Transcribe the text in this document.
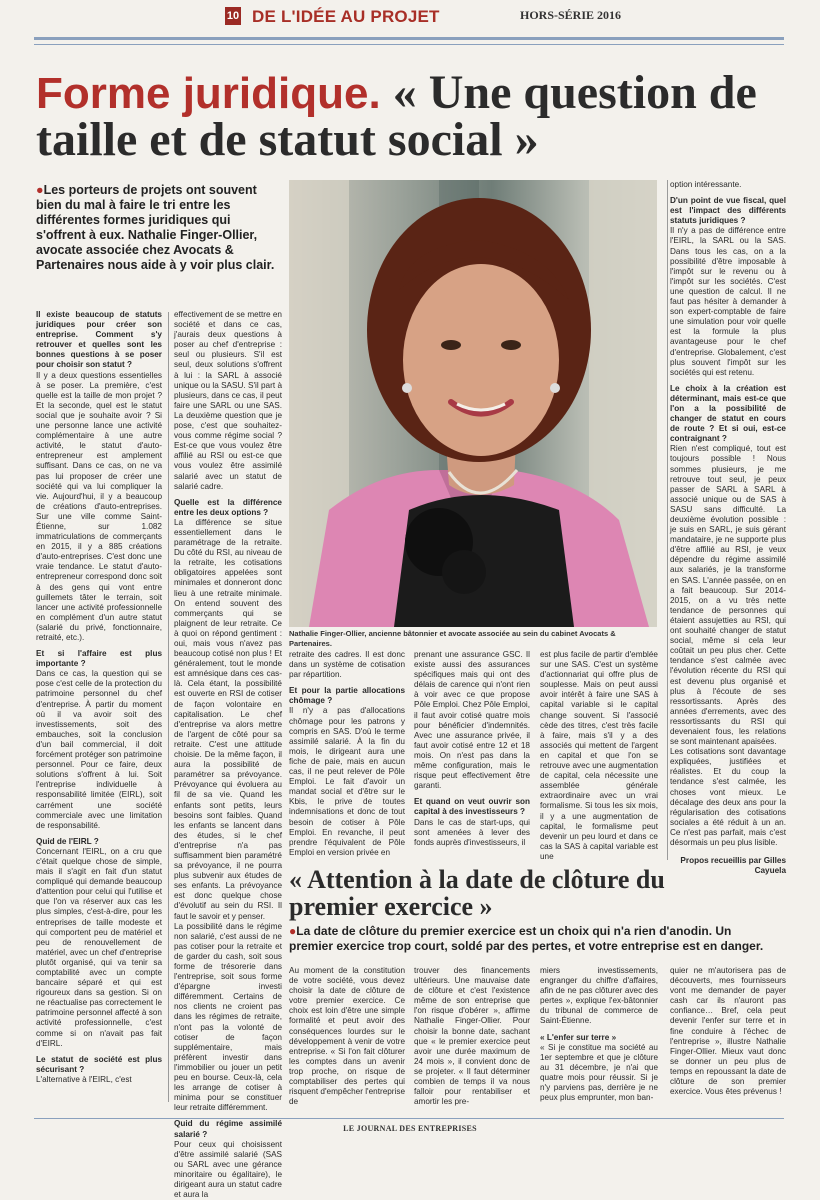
10 DE L'IDÉE AU PROJET	HORS-SÉRIE 2016
Forme juridique. « Une question de taille et de statut social »
●Les porteurs de projets ont souvent bien du mal à faire le tri entre les différentes formes juridiques qui s'offrent à eux. Nathalie Finger-Ollier, avocate associée chez Avocats & Partenaires nous aide à y voir plus clair.
Nathalie Finger-Ollier, ancienne bâtonnier et avocate associée au sein du cabinet Avocats & Partenaires.

Il existe beaucoup de statuts juridiques pour créer son entreprise. Comment s'y retrouver et quelles sont les bonnes questions à se poser pour choisir son statut ?

Il y a deux questions essentielles à se poser. La première, c'est quelle est la taille de mon projet ? Et la seconde, quel est le statut social que je souhaite avoir ? Si une personne lance une activité complémentaire à une autre activité, le statut d'auto-entrepreneur est amplement suffisant. Dans ce cas, on ne va pas lui proposer de créer une société qui va lui compliquer la vie. Aujourd'hui, il y a beaucoup de créations d'auto-entreprises. Sur une ville comme Saint-Étienne, sur 1.082 immatriculations de commerçants en 2015, il y a 885 créations d'auto-entreprises. C'est donc une vraie tendance. Le statut d'auto-entrepreneur correspond donc soit à des gens qui vont entre guillemets tâter le terrain, soit lancer une activité professionnelle en complément d'un autre statut (salarié du privé, fonctionnaire, retraité, etc.).

Et si l'affaire est plus importante ?

Dans ce cas, la question qui se pose c'est celle de la protection du patrimoine personnel du chef d'entreprise. À partir du moment où il va avoir soit des investissements, soit des embauches, soit la conclusion d'un bail commercial, il doit forcément protéger son patrimoine personnel. Pour ce faire, deux solutions s'offrent à lui. Soit l'entreprise individuelle à responsabilité limitée (EIRL), soit carrément une société commerciale avec une limitation de responsabilité.

Quid de l'EIRL ?

Concernant l'EIRL, on a cru que c'était quelque chose de simple, mais il s'agit en fait d'un statut compliqué qui demande beaucoup d'attention pour celui qui l'utilise et que l'on va réserver aux cas les plus simples, c'est-à-dire, pour les entreprises de taille modeste et qui comportent peu de matériel et peu de renouvellement de matériel, avec un chef d'entreprise plutôt organisé, qui va tenir sa comptabilité avec un compte bancaire séparé et qui est rigoureux dans sa gestion. Si on ne réactualise pas correctement le patrimoine personnel affecté à son activité professionnelle, c'est comme si on n'avait pas fait d'EIRL.

Le statut de société est plus sécurisant ?

L'alternative à l'EIRL, c'est

effectivement de se mettre en société et dans ce cas, j'aurais deux questions à poser au chef d'entreprise : seul ou plusieurs. S'il est seul, deux solutions s'offrent à lui : la SARL à associé unique ou la SASU. S'il part à plusieurs, dans ce cas, il peut faire une SARL ou une SAS. La deuxième question que je pose, c'est que souhaitez-vous comme régime social ? Est-ce que vous voulez être affilié au RSI ou est-ce que vous voulez être assimilé salarié avec un statut de salarié cadre.

Quelle est la différence entre les deux options ?

La différence se situe essentiellement dans le paramétrage de la retraite. Du côté du RSI, au niveau de la retraite, les cotisations obligatoires appelées sont minimales et donneront donc lieu à une retraite minimale. On entend souvent des commerçants qui se plaignent de leur retraite. Ce à quoi on répond gentiment : oui, mais vous n'avez pas beaucoup cotisé non plus ! Et généralement, tout le monde est amnésique dans ces cas-là. Cela étant, la possibilité est ouverte en RSI de cotiser de façon volontaire en capitalisation. Le chef d'entreprise va alors mettre de l'argent de côté pour sa retraite. C'est une attitude choisie. De la même façon, il aura la possibilité de paramétrer sa prévoyance. Prévoyance qui évoluera au fil de sa vie. Quand les enfants sont petits, leurs besoins sont faibles. Quand les enfants se lancent dans des études, si le chef d'entreprise n'a pas suffisamment bien paramétré sa prévoyance, il ne pourra plus subvenir aux études de ses enfants. La prévoyance est donc quelque chose d'évolutif au sein du RSI. Il faut le savoir et y penser.

La possibilité dans le régime non salarié, c'est aussi de ne pas cotiser pour la retraite et de garder du cash, soit sous forme de trésorerie dans l'entreprise, soit sous forme d'épargne investi différemment. Certains de nos clients ne croient pas dans les régimes de retraite, n'ont pas la volonté de cotiser de façon supplémentaire, mais préfèrent investir dans l'immobilier ou jouer un petit peu en bourse. Ceux-là, cela les arrange de cotiser à minima pour se constituer leur retraite différemment.

Quid du régime assimilé salarié ?

Pour ceux qui choisissent d'être assimilé salarié (SAS ou SARL avec une gérance minoritaire ou égalitaire), le dirigeant aura un statut cadre et aura la

retraite des cadres. Il est donc dans un système de cotisation par répartition.

Et pour la partie allocations chômage ?

Il n'y a pas d'allocations chômage pour les patrons y compris en SAS. D'où le terme assimilé salarié. À la fin du mois, le dirigeant aura une fiche de paie, mais en aucun cas, il ne peut relever de Pôle Emploi. Le fait d'avoir un mandat social et d'être sur le Kbis, le prive de toutes indemnisations et donc de tout besoin de cotiser à Pôle Emploi. En revanche, il peut prendre l'équivalent de Pôle Emploi en version privée en

prenant une assurance GSC. Il existe aussi des assurances spécifiques mais qui ont des délais de carence qui n'ont rien à voir avec ce que propose Pôle Emploi. Chez Pôle Emploi, il faut avoir cotisé quatre mois pour bénéficier d'indemnités. Avec une assurance privée, il faut avoir cotisé entre 12 et 18 mois. On n'est pas dans la même configuration, mais le risque peut effectivement être garanti.

Et quand on veut ouvrir son capital à des investisseurs ?

Dans le cas de start-ups, qui sont amenées à lever des fonds auprès d'investisseurs, il

est plus facile de partir d'emblée sur une SAS. C'est un système d'actionnariat qui offre plus de souplesse. Mais on peut aussi avoir intérêt à faire une SAS à capital variable si le capital change souvent. Si l'associé cède des titres, c'est très facile à faire, mais s'il y a des associés qui mettent de l'argent en capital et que l'on se retrouve avec une augmentation de capital, cela nécessite une assemblée générale extraordinaire avec un vrai formalisme. Si tous les six mois, il y a une augmentation de capital, le formalisme peut devenir un peu lourd et dans ce cas la SAS à capital variable est une

option intéressante.

D'un point de vue fiscal, quel est l'impact des différents statuts juridiques ?

Il n'y a pas de différence entre l'EIRL, la SARL ou la SAS. Dans tous les cas, on a la possibilité d'être imposable à l'impôt sur le revenu ou à l'impôt sur les sociétés. C'est une question de calcul. Il ne faut pas hésiter à demander à son expert-comptable de faire une simulation pour voir quelle est la formule la plus avantageuse pour le chef d'entreprise. Globalement, c'est plus souvent l'impôt sur les sociétés qui est retenu.

Le choix à la création est déterminant, mais est-ce que l'on a la possibilité de changer de statut en cours de route ? Et si oui, est-ce contraignant ?

Rien n'est compliqué, tout est toujours possible ! Nous sommes plusieurs, je me retrouve tout seul, je peux passer de SARL à SARL à associé unique ou de SAS à SASU sans difficulté. La deuxième évolution possible : je suis en SARL, je suis gérant mandataire, je ne supporte plus d'être affilié au RSI, je veux dépendre du régime assimilé aux salariés, je la transforme en SAS. L'année passée, on en a fait beaucoup. Sur 2014-2015, on a vu très nette tendance de personnes qui étaient assujetties au RSI, qui ont souhaité changer de statut social, même si cela leur coûtait un peu plus cher. Cette tendance s'est calmée avec l'évolution récente du RSI qui est devenu plus organisé et plus à l'écoute de ses ressortissants. Après des années d'errements, avec des ressortissants du RSI qui devenaient fous, les relations se sont maintenant apaisées.

Les cotisations sont davantage expliquées, justifiées et réalistes. Et du coup la tendance s'est calmée, les choses vont mieux. Le décalage des deux ans pour la régularisation des cotisations sociales a été réduit à un an. Ce n'est pas parfait, mais c'est désormais un peu plus lisible.

Propos recueillis par Gilles Cayuela

« Attention à la date de clôture du premier exercice »
●La date de clôture du premier exercice est un choix qui n'a rien d'anodin. Un premier exercice trop court, soldé par des pertes, et votre entreprise est en danger.

Au moment de la constitution de votre société, vous devez choisir la date de clôture de votre premier exercice. Ce choix est loin d'être une simple formalité et peut avoir des conséquences lourdes sur le développement à venir de votre entreprise. « Si l'on fait clôturer les comptes dans un avenir trop proche, on risque de comptabiliser des pertes qui risquent d'empêcher l'entreprise de

trouver des financements ultérieurs. Une mauvaise date de clôture et c'est l'existence même de son entreprise que l'on risque d'obérer », affirme Nathalie Finger-Ollier. Pour choisir la bonne date, sachant que « le premier exercice peut avoir une durée maximum de 24 mois », il convient donc de se projeter. « Il faut déterminer combien de temps il va nous falloir pour rentabiliser et amortir les pre-

miers investissements, engranger du chiffre d'affaires, afin de ne pas clôturer avec des pertes », explique l'ex-bâtonnier du tribunal de commerce de Saint-Étienne.

« L'enfer sur terre »

« Si je constitue ma société au 1er septembre et que je clôture au 31 décembre, je n'ai que quatre mois pour réussir. Si je n'y parviens pas, derrière je ne peux plus emprunter, mon ban-

quier ne m'autorisera pas de découverts, mes fournisseurs vont me demander de payer cash car ils n'auront pas confiance… Bref, cela peut devenir l'enfer sur terre et in fine conduire à l'échec de l'entreprise », illustre Nathalie Finger-Ollier. Mieux vaut donc se donner un peu plus de temps en repoussant la date de clôture de son premier exercice. Vous êtes prévenus !

LE JOURNAL DES ENTREPRISES
